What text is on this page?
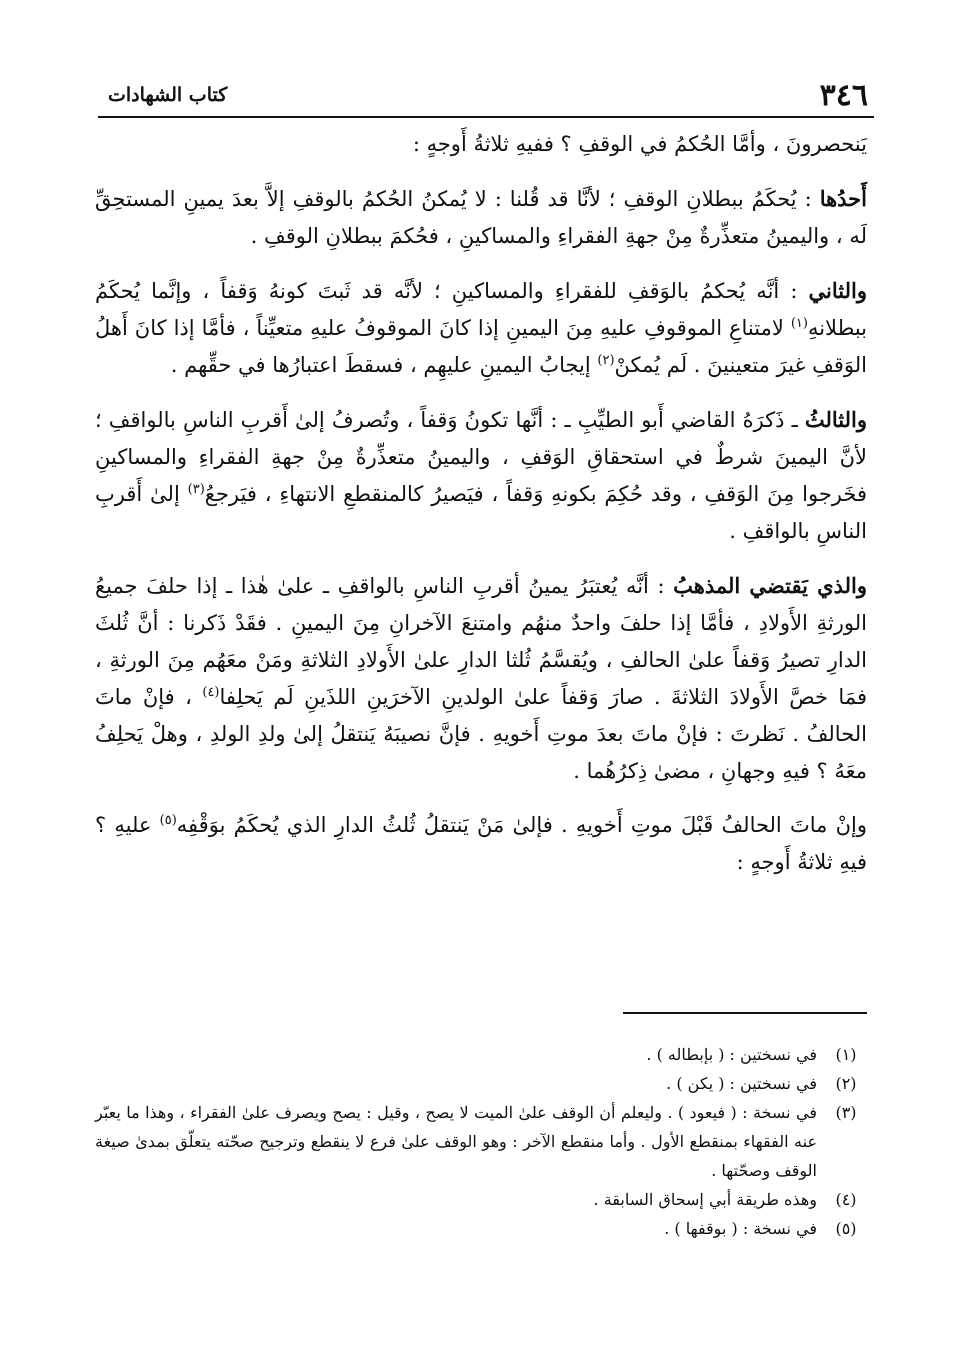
٣٤٦
كتاب الشهادات

يَنحصرونَ ، وأمَّا الحُكمُ في الوقفِ ؟ ففيهِ ثلاثةُ أَوجهٍ :

أَحدُها : يُحكَمُ ببطلانِ الوقفِ ؛ لأنَّا قد قُلنا : لا يُمكنُ الحُكمُ بالوقفِ إلاَّ بعدَ يمينِ المستحِقِّ لَه ، واليمينُ متعذِّرةٌ مِنْ جهةِ الفقراءِ والمساكينِ ، فحُكمَ ببطلانِ الوقفِ .

والثاني : أنَّه يُحكمُ بالوَقفِ للفقراءِ والمساكينِ ؛ لأنَّه قد ثَبتَ كونهُ وَقفاً ، وإنَّما يُحكَمُ ببطلانهِ$^{(١)}$ لامتناعِ الموقوفِ عليهِ مِنَ اليمينِ إذا كانَ الموقوفُ عليهِ متعيِّناً ، فأمَّا إذا كانَ أَهلُ الوَقفِ غيرَ متعينينَ . لَم يُمكنْ$^{(٢)}$ إيجابُ اليمينِ عليهِم ، فسقطَ اعتبارُها في حقِّهم .

والثالثُ ـ ذَكرَهُ القاضي أَبو الطيِّبِ ـ : أنَّها تكونُ وَقفاً ، وتُصرفُ إلىٰ أَقربِ الناسِ بالواقفِ ؛ لأنَّ اليمينَ شرطٌ في استحقاقِ الوَقفِ ، واليمينُ متعذِّرةٌ مِنْ جهةِ الفقراءِ والمساكينِ فخَرجوا مِنَ الوَقفِ ، وقد حُكِمَ بكونهِ وَقفاً ، فيَصيرُ كالمنقطعِ الانتهاءِ ، فيَرجعُ$^{(٣)}$ إلىٰ أَقربِ الناسِ بالواقفِ .

والذي يَقتضي المذهبُ : أنَّه يُعتبَرُ يمينُ أقربِ الناسِ بالواقفِ ـ علىٰ هٰذا ـ إذا حلفَ جميعُ الورثةِ الأَولادِ ، فأمَّا إذا حلفَ واحدٌ منهُم وامتنعَ الآخرانِ مِنَ اليمينِ . فقَدْ ذَكرنا : أنَّ ثُلثَ الدارِ تصيرُ وَقفاً علىٰ الحالفِ ، ويُقسَّمُ ثُلثا الدارِ علىٰ الأَولادِ الثلاثةِ ومَنْ معَهُم مِنَ الورثةِ ، فمَا خصَّ الأَولادَ الثلاثةَ . صارَ وَقفاً علىٰ الولدينِ الآخرَينِ اللذَينِ لَم يَحلِفا$^{(٤)}$ ، فإنْ ماتَ الحالفُ . نَظرتَ : فإنْ ماتَ بعدَ موتِ أَخويهِ . فإنَّ نصيبَهُ يَنتقلُ إلىٰ ولدِ الولدِ ، وهلْ يَحلِفُ معَهُ ؟ فيهِ وجهانِ ، مضىٰ ذِكرُهُما .

وإنْ ماتَ الحالفُ قَبْلَ موتِ أَخويهِ . فإلىٰ مَنْ يَنتقلُ ثُلثُ الدارِ الذي يُحكَمُ بوَقْفِه$^{(٥)}$ عليهِ ؟ فيهِ ثلاثةُ أَوجهٍ :

(١)
في نسختين : ( بإبطاله ) .
(٢)
في نسختين : ( يكن ) .
(٣)
في نسخة : ( فيعود ) . وليعلم أن الوقف علىٰ الميت لا يصح ، وقيل : يصح ويصرف علىٰ الفقراء ، وهذا ما يعبّر عنه الفقهاء بمنقطع الأول . وأما منقطع الآخر : وهو الوقف علىٰ فرع لا ينقطع وترجيح صحّته يتعلّق بمدىٰ صيغة الوقف وصحّتها .
(٤)
وهذه طريقة أبي إسحاق السابقة .
(٥)
في نسخة : ( بوقفها ) .
